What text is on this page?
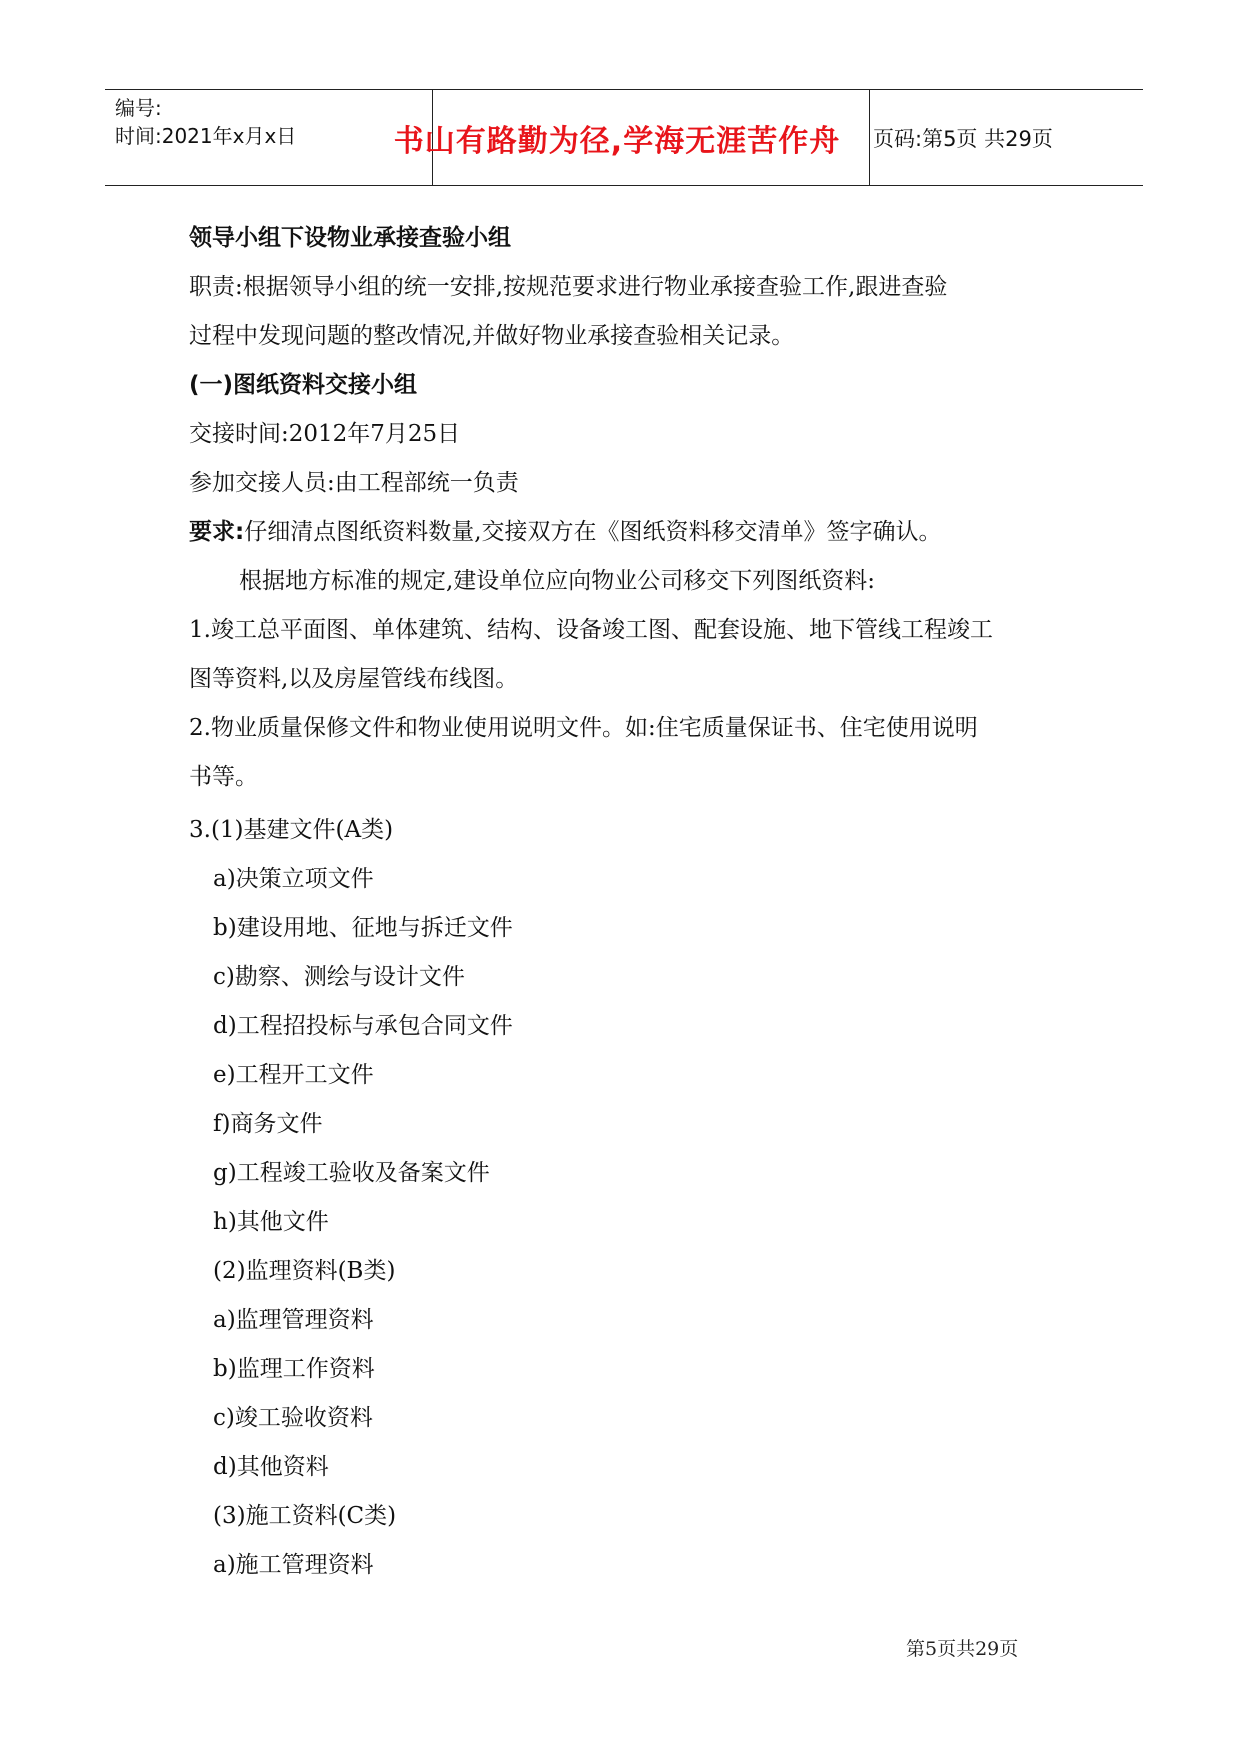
编号:
时间:2021年x月x日	书山有路勤为径,学海无涯苦作舟 页码:第5页 共29页
领导小组下设物业承接查验小组
职责:根据领导小组的统一安排,按规范要求进行物业承接查验工作,跟进查验
过程中发现问题的整改情况,并做好物业承接查验相关记录。
(一)图纸资料交接小组
交接时间:2012年7月25日
参加交接人员:由工程部统一负责
要求:仔细清点图纸资料数量,交接双方在《图纸资料移交清单》签字确认。
根据地方标准的规定,建设单位应向物业公司移交下列图纸资料:
1.竣工总平面图、单体建筑、结构、设备竣工图、配套设施、地下管线工程竣工
图等资料,以及房屋管线布线图。
2.物业质量保修文件和物业使用说明文件。如:住宅质量保证书、住宅使用说明
书等。
3.(1)基建文件(A类)
a)决策立项文件
b)建设用地、征地与拆迁文件
c)勘察、测绘与设计文件
d)工程招投标与承包合同文件
e)工程开工文件
f)商务文件
g)工程竣工验收及备案文件
h)其他文件
(2)监理资料(B类)
a)监理管理资料
b)监理工作资料
c)竣工验收资料
d)其他资料
(3)施工资料(C类)
a)施工管理资料
第5页共29页
